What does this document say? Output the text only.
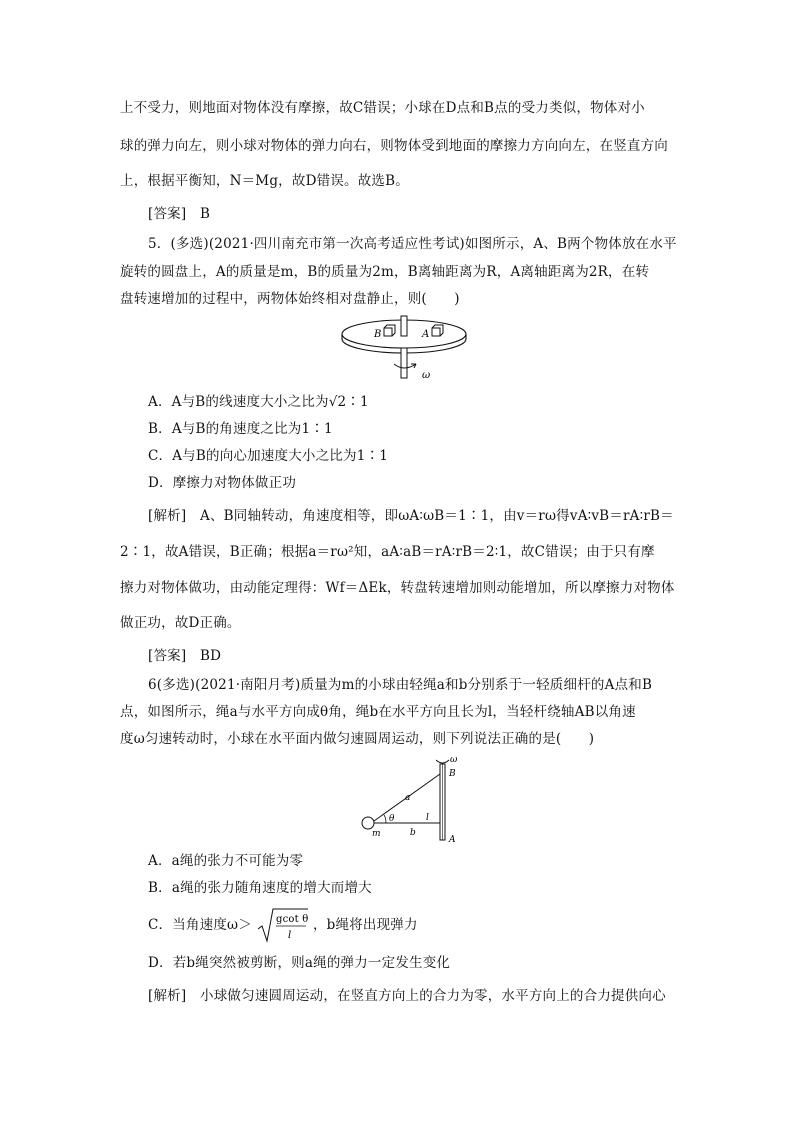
上不受力，则地面对物体没有摩擦，故C错误；小球在D点和B点的受力类似，物体对小
球的弹力向左，则小球对物体的弹力向右，则物体受到地面的摩擦力方向向左，在竖直方向
上，根据平衡知，N＝Mg，故D错误。故选B。
[答案]　B
5．(多选)(2021·四川南充市第一次高考适应性考试)如图所示，A、B两个物体放在水平
旋转的圆盘上，A的质量是m，B的质量为2m，B离轴距离为R，A离轴距离为2R，在转
盘转速增加的过程中，两物体始终相对盘静止，则(　　)
B	A
ω
A．A与B的线速度大小之比为√2∶1
B．A与B的角速度之比为1∶1
C．A与B的向心加速度大小之比为1∶1
D．摩擦力对物体做正功
[解析]　A、B同轴转动，角速度相等，即ωA∶ωB＝1∶1，由v＝rω得vA∶vB＝rA∶rB＝
2∶1，故A错误，B正确；根据a＝rω²知，aA∶aB＝rA∶rB＝2∶1，故C错误；由于只有摩
擦力对物体做功，由动能定理得：Wf＝ΔEk，转盘转速增加则动能增加，所以摩擦力对物体
做正功，故D正确。
[答案]　BD
6(多选)(2021·南阳月考)质量为m的小球由轻绳a和b分别系于一轻质细杆的A点和B
点，如图所示，绳a与水平方向成θ角，绳b在水平方向且长为l，当轻杆绕轴AB以角速
度ω匀速转动时，小球在水平面内做匀速圆周运动，则下列说法正确的是(　　)
ω
B
A
a
l
b
θ
m
A．a绳的张力不可能为零
B．a绳的张力随角速度的增大而增大
C．当角速度ω＞ gcot θ
l
，b绳将出现弹力
D．若b绳突然被剪断，则a绳的弹力一定发生变化
[解析]　小球做匀速圆周运动，在竖直方向上的合力为零，水平方向上的合力提供向心
